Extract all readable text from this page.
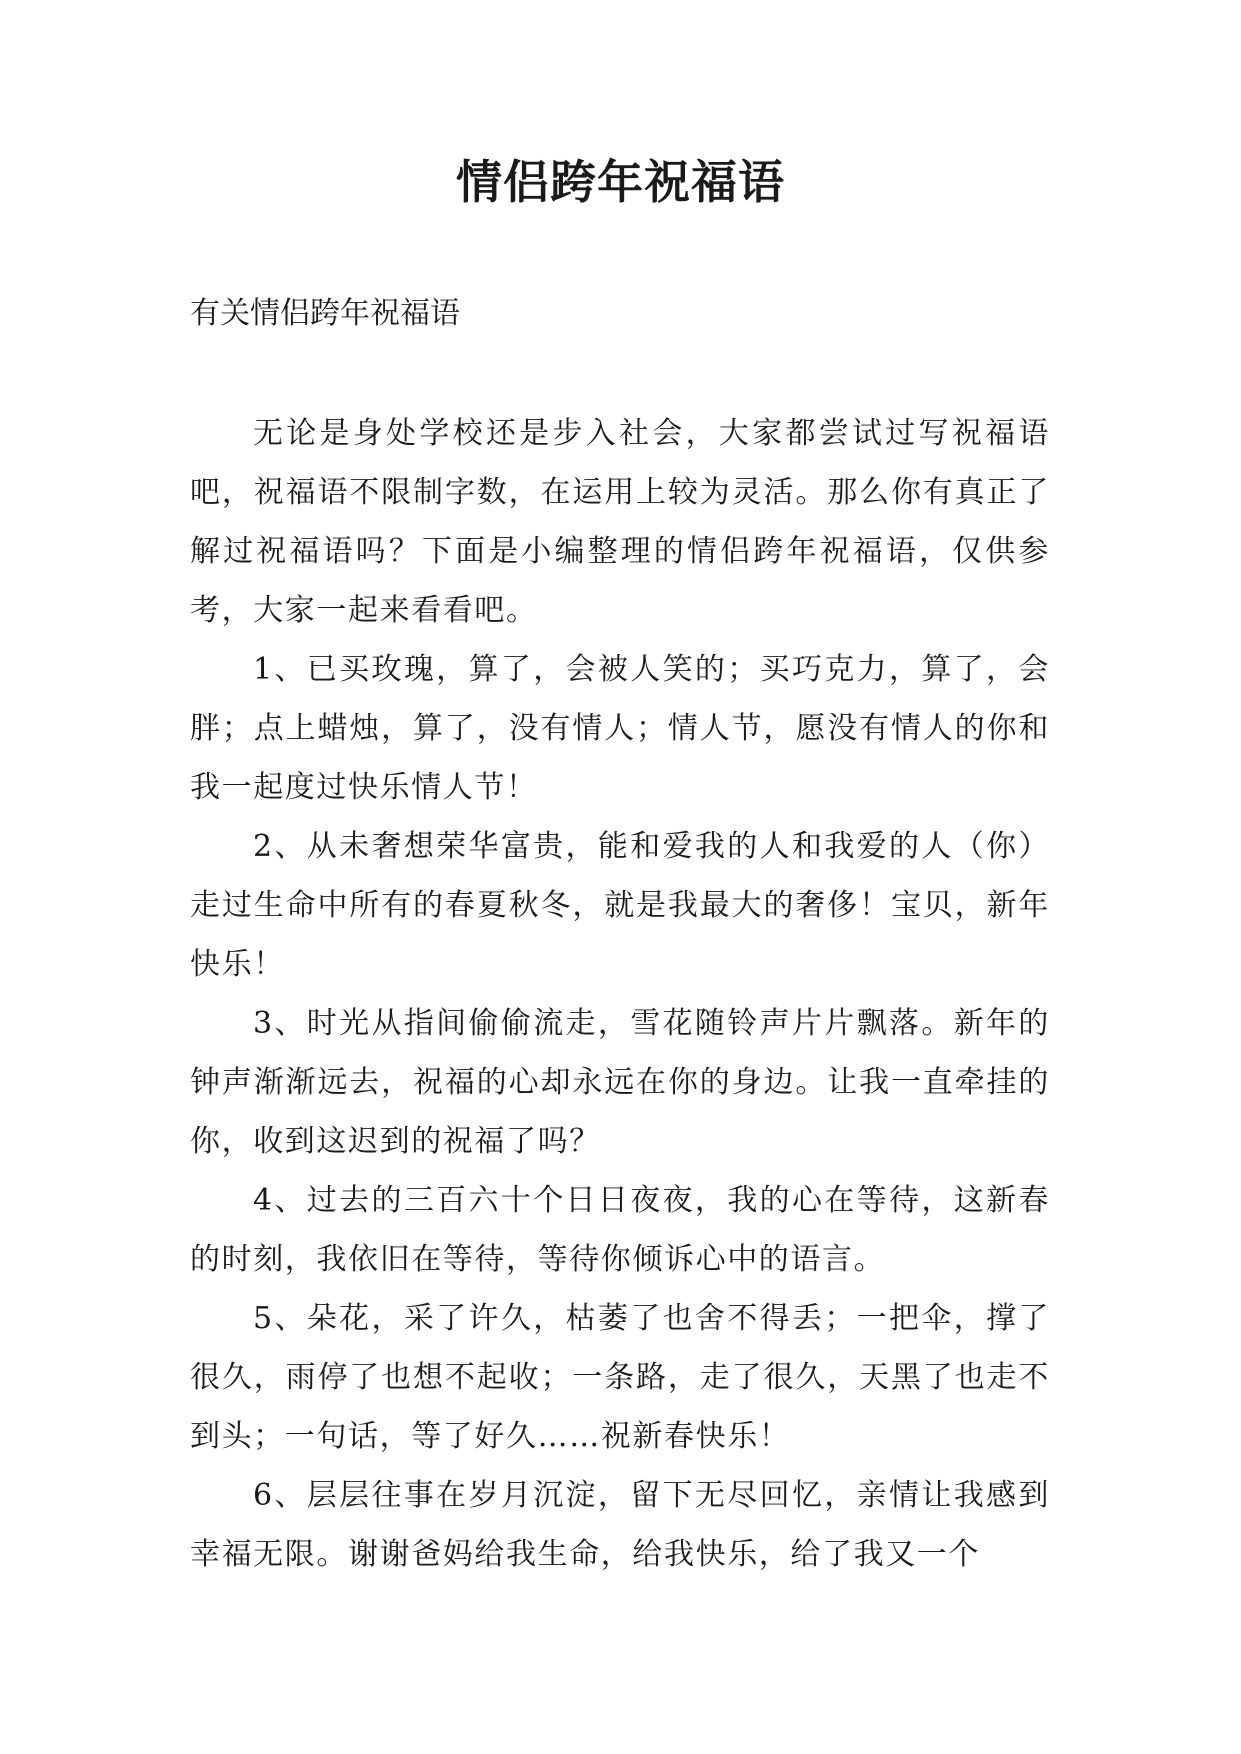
情侣跨年祝福语
有关情侣跨年祝福语

无论是身处学校还是步入社会，大家都尝试过写祝福语吧，祝福语不限制字数，在运用上较为灵活。那么你有真正了解过祝福语吗？下面是小编整理的情侣跨年祝福语，仅供参考，大家一起来看看吧。

1、已买玫瑰，算了，会被人笑的；买巧克力，算了，会胖；点上蜡烛，算了，没有情人；情人节，愿没有情人的你和我一起度过快乐情人节！

2、从未奢想荣华富贵，能和爱我的人和我爱的人（你）走过生命中所有的春夏秋冬，就是我最大的奢侈！宝贝，新年快乐！

3、时光从指间偷偷流走，雪花随铃声片片飘落。新年的钟声渐渐远去，祝福的心却永远在你的身边。让我一直牵挂的你，收到这迟到的祝福了吗？

4、过去的三百六十个日日夜夜，我的心在等待，这新春的时刻，我依旧在等待，等待你倾诉心中的语言。

5、朵花，采了许久，枯萎了也舍不得丢；一把伞，撑了很久，雨停了也想不起收；一条路，走了很久，天黑了也走不到头；一句话，等了好久……祝新春快乐！

6、层层往事在岁月沉淀，留下无尽回忆，亲情让我感到幸福无限。谢谢爸妈给我生命，给我快乐，给了我又一个
